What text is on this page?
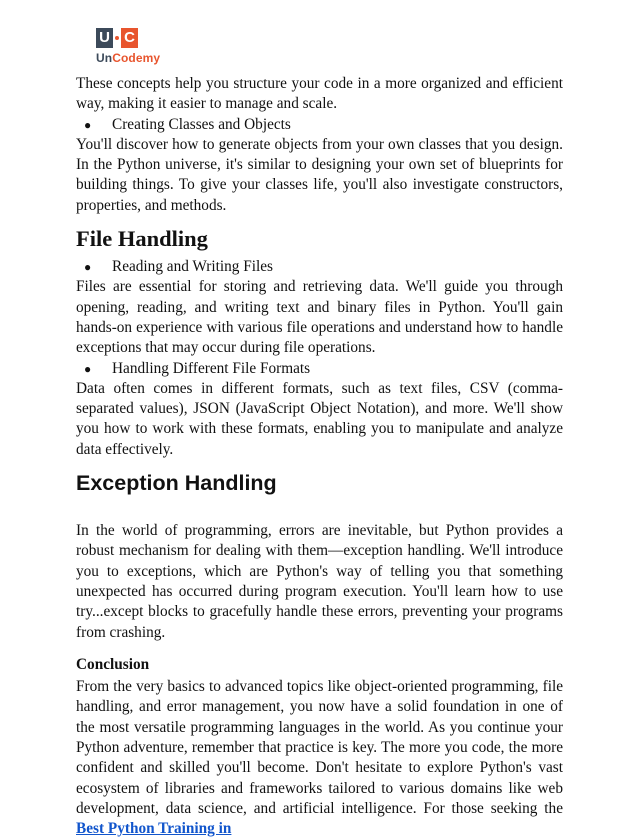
U C
UnCodemy

These concepts help you structure your code in a more organized and efficient way, making it easier to manage and scale.

●	Creating Classes and Objects

You'll discover how to generate objects from your own classes that you design. In the Python universe, it's similar to designing your own set of blueprints for building things. To give your classes life, you'll also investigate constructors, properties, and methods.

File Handling
●	Reading and Writing Files

Files are essential for storing and retrieving data. We'll guide you through opening, reading, and writing text and binary files in Python. You'll gain hands-on experience with various file operations and understand how to handle exceptions that may occur during file operations.

●	Handling Different File Formats

Data often comes in different formats, such as text files, CSV (comma-separated values), JSON (JavaScript Object Notation), and more. We'll show you how to work with these formats, enabling you to manipulate and analyze data effectively.

Exception Handling

In the world of programming, errors are inevitable, but Python provides a robust mechanism for dealing with them—exception handling. We'll introduce you to exceptions, which are Python's way of telling you that something unexpected has occurred during program execution. You'll learn how to use try...except blocks to gracefully handle these errors, preventing your programs from crashing.

Conclusion

From the very basics to advanced topics like object-oriented programming, file handling, and error management, you now have a solid foundation in one of the most versatile programming languages in the world. As you continue your Python adventure, remember that practice is key. The more you code, the more confident and skilled you'll become. Don't hesitate to explore Python's vast ecosystem of libraries and frameworks tailored to various domains like web development, data science, and artificial intelligence. For those seeking the Best Python Training in
